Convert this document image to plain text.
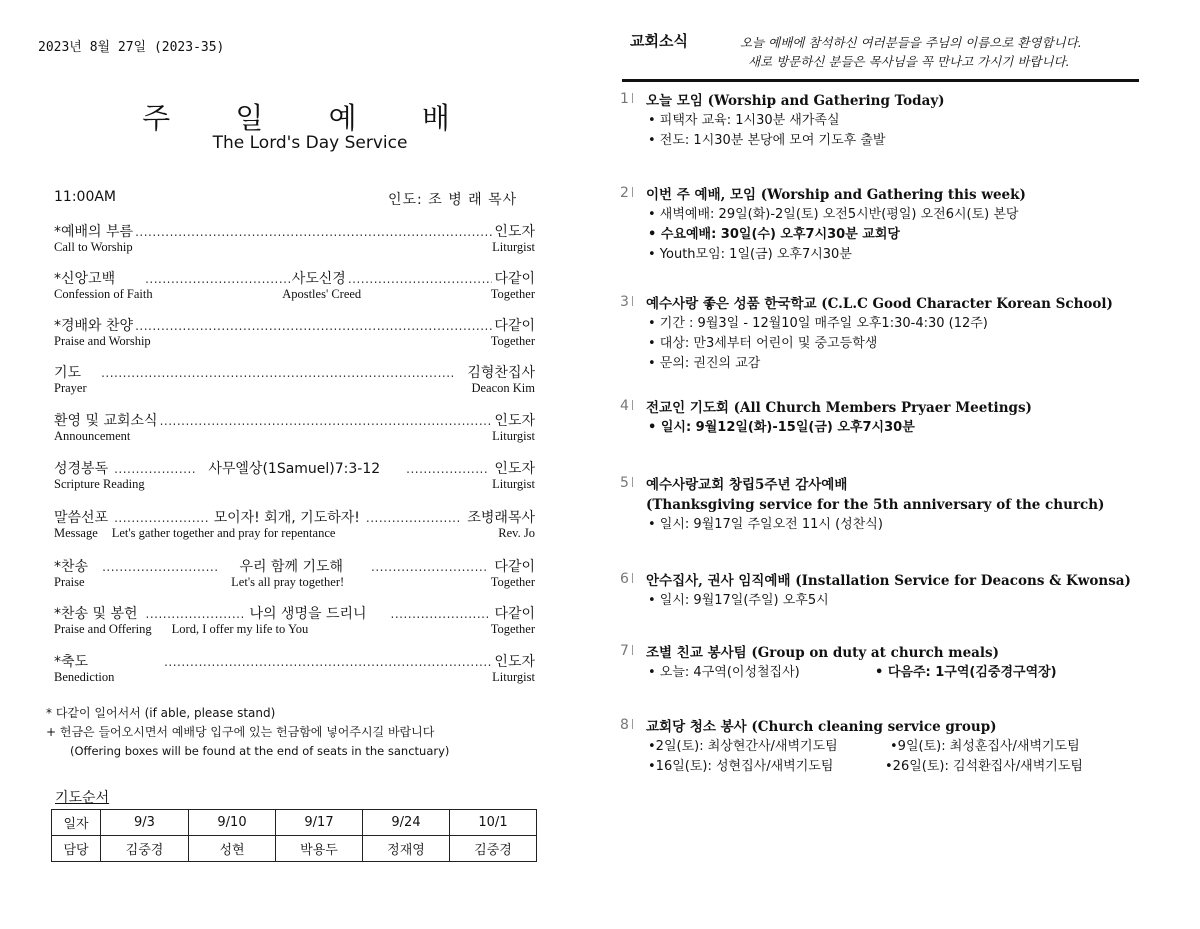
2023년 8월 27일 (2023-35)
주 일 예 배
The Lord's Day Service
11:00AM	인도: 조 병 래 목사
*예배의 부름 .....	인도자
Call to Worship	Liturgist
*신앙고백 .....	사도신경 .....	다같이
Confession of Faith	Apostles' Creed	Together
*경배와 찬양 .....	다같이
Praise and Worship	Together
기도 .....	김형찬집사
Prayer	Deacon Kim
환영 및 교회소식 .....	인도자
Announcement	Liturgist
성경봉독 .....	사무엘상(1Samuel)7:3-12 .....	인도자
Scripture Reading	Liturgist
말씀선포 .....	모이자! 회개, 기도하자! .....	조병래목사
Message Let's gather together and pray for repentance	Rev. Jo
*찬송 .....	우리 함께 기도해 .....	다같이
Praise	Let's all pray together!	Together
*찬송 및 봉헌 .....	나의 생명을 드리니 .....	다같이
Praise and Offering Lord, I offer my life to You	Together
*축도 .....	인도자
Benediction	Liturgist
* 다같이 일어서서 (if able, please stand)
+ 헌금은 들어오시면서 예배당 입구에 있는 헌금함에 넣어주시길 바랍니다
(Offering boxes will be found at the end of seats in the sanctuary)
기도순서
일자	9/3	9/10	9/17	9/24	10/1
담당	김중경	성현	박용두	정재영	김중경
교회소식	오늘 예배에 참석하신 여러분들을 주님의 이름으로 환영합니다.
새로 방문하신 분들은 목사님을 꼭 만나고 가시기 바랍니다.
1 오늘 모임 (Worship and Gathering Today)
• 피택자 교육: 1시30분 새가족실
• 전도: 1시30분 본당에 모여 기도후 출발
2 이번 주 예배, 모임 (Worship and Gathering this week)
• 새벽예배: 29일(화)-2일(토) 오전5시반(평일) 오전6시(토) 본당
• 수요예배: 30일(수) 오후7시30분 교회당
• Youth모임: 1일(금) 오후7시30분
3 예수사랑 좋은 성품 한국학교 (C.L.C Good Character Korean School)
• 기간 : 9월3일 - 12월10일 매주일 오후1:30-4:30 (12주)
• 대상: 만3세부터 어린이 및 중고등학생
• 문의: 권진의 교감
4 전교인 기도회 (All Church Members Pryaer Meetings)
• 일시: 9월12일(화)-15일(금) 오후7시30분
5 예수사랑교회 창립5주년 감사예배
(Thanksgiving service for the 5th anniversary of the church)
• 일시: 9월17일 주일오전 11시 (성찬식)
6 안수집사, 권사 임직예배 (Installation Service for Deacons & Kwonsa)
• 일시: 9월17일(주일) 오후5시
7 조별 친교 봉사팀 (Group on duty at church meals)
• 오늘: 4구역(이성철집사)	• 다음주: 1구역(김중경구역장)
8 교회당 청소 봉사 (Church cleaning service group)
•2일(토): 최상현간사/새벽기도팀	•9일(토): 최성훈집사/새벽기도팀
•16일(토): 성현집사/새벽기도팀	•26일(토): 김석환집사/새벽기도팀
